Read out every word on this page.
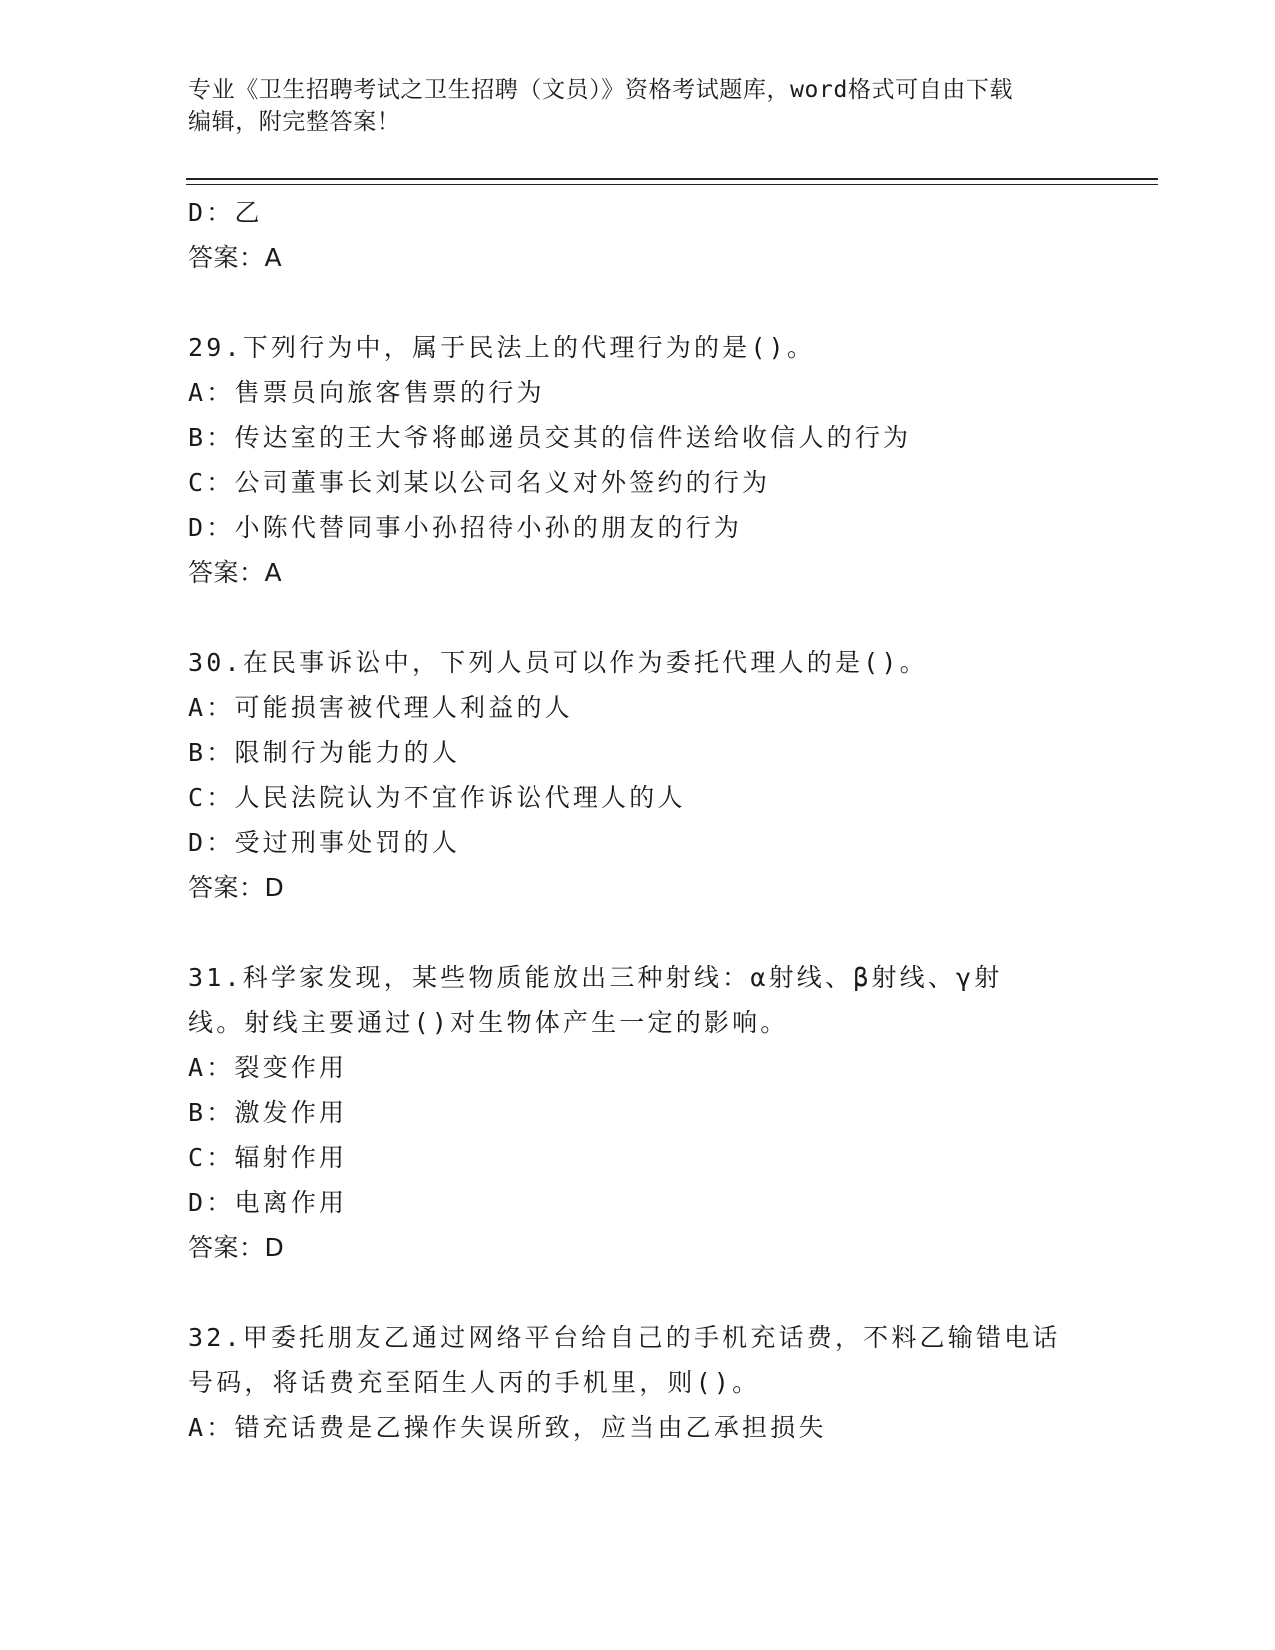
专业《卫生招聘考试之卫生招聘（文员）》资格考试题库，word格式可自由下载
编辑，附完整答案！
D：乙
答案：A
29.下列行为中，属于民法上的代理行为的是()。
A：售票员向旅客售票的行为
B：传达室的王大爷将邮递员交其的信件送给收信人的行为
C：公司董事长刘某以公司名义对外签约的行为
D：小陈代替同事小孙招待小孙的朋友的行为
答案：A
30.在民事诉讼中，下列人员可以作为委托代理人的是()。
A：可能损害被代理人利益的人
B：限制行为能力的人
C：人民法院认为不宜作诉讼代理人的人
D：受过刑事处罚的人
答案：D
31.科学家发现，某些物质能放出三种射线：α射线、β射线、γ射
线。射线主要通过()对生物体产生一定的影响。
A：裂变作用
B：激发作用
C：辐射作用
D：电离作用
答案：D
32.甲委托朋友乙通过网络平台给自己的手机充话费，不料乙输错电话
号码，将话费充至陌生人丙的手机里，则()。
A：错充话费是乙操作失误所致，应当由乙承担损失
